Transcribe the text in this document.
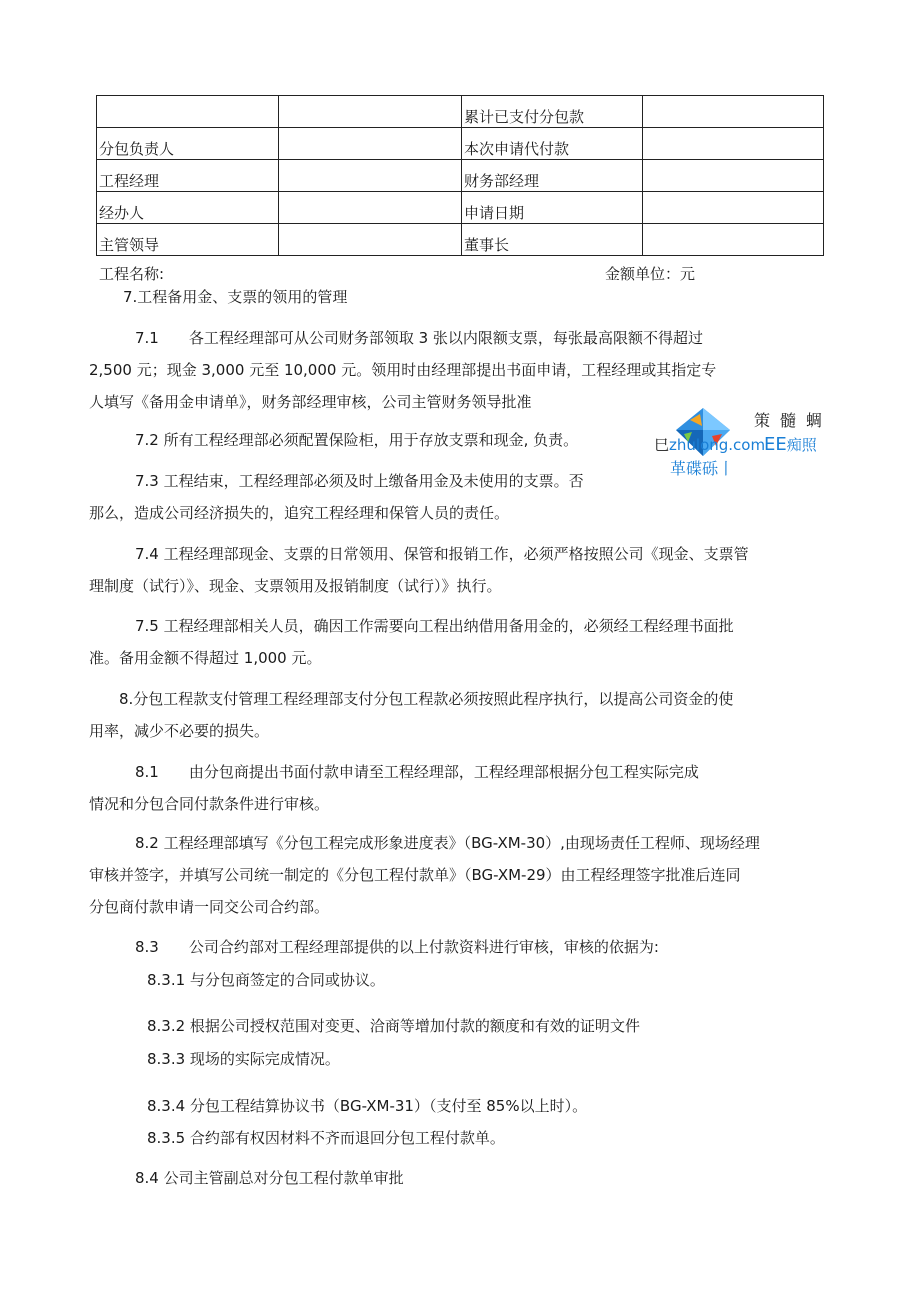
		累计已支付分包款	
分包负责人		本次申请代付款	
工程经理		财务部经理	
经办人		申请日期	
主管领导		董事长	
工程名称:	金额单位：元
7.工程备用金、支票的领用的管理

7.1　　各工程经理部可从公司财务部领取 3 张以内限额支票，每张最高限额不得超过

2,500 元；现金 3,000 元至 10,000 元。领用时由经理部提出书面申请，工程经理或其指定专

人填写《备用金申请单》，财务部经理审核，公司主管财务领导批准

7.2 所有工程经理部必须配置保险柜，用于存放支票和现金, 负责。

7.3 工程结束，工程经理部必须及时上缴备用金及未使用的支票。否

那么，造成公司经济损失的，追究工程经理和保管人员的责任。

7.4 工程经理部现金、支票的日常领用、保管和报销工作，必须严格按照公司《现金、支票管

理制度（试行）》、现金、支票领用及报销制度（试行）》执行。

7.5 工程经理部相关人员，确因工作需要向工程出纳借用备用金的，必须经工程经理书面批

准。备用金额不得超过 1,000 元。

8.分包工程款支付管理工程经理部支付分包工程款必须按照此程序执行，以提高公司资金的使

用率，减少不必要的损失。

8.1　　由分包商提出书面付款申请至工程经理部，工程经理部根据分包工程实际完成

情况和分包合同付款条件进行审核。

8.2 工程经理部填写《分包工程完成形象进度表》（BG-XM-30）,由现场责任工程师、现场经理

审核并签字，并填写公司统一制定的《分包工程付款单》（BG-XM-29）由工程经理签字批准后连同

分包商付款申请一同交公司合约部。

8.3　　公司合约部对工程经理部提供的以上付款资料进行审核，审核的依据为:
8.3.1 与分包商签定的合同或协议。
8.3.2 根据公司授权范围对变更、洽商等增加付款的额度和有效的证明文件
8.3.3 现场的实际完成情况。
8.3.4 分包工程结算协议书（BG-XM-31）（支付至 85%以上时）。
8.3.5 合约部有权因材料不齐而退回分包工程付款单。
8.4 公司主管副总对分包工程付款单审批
策髓蜩
巳zhulong.com
EE痴照
革碟砾丨
